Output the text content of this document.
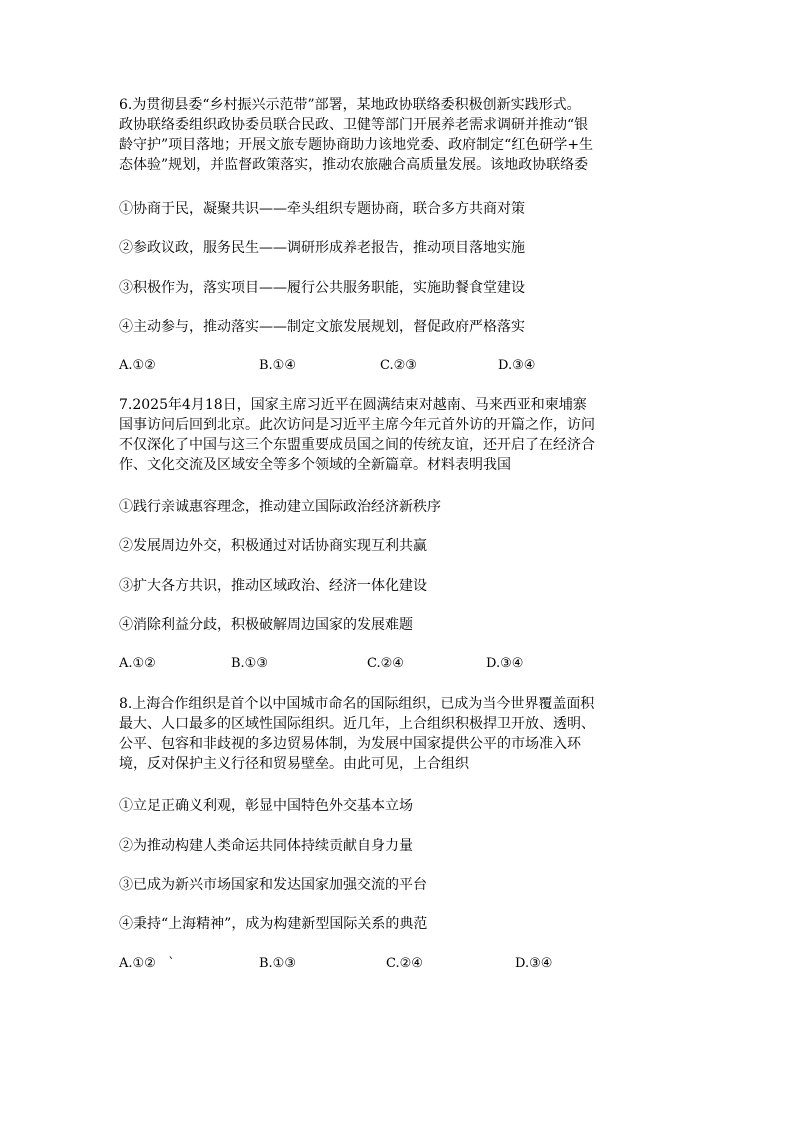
6.为贯彻县委“乡村振兴示范带”部署，某地政协联络委积极创新实践形式。
政协联络委组织政协委员联合民政、卫健等部门开展养老需求调研并推动“银
龄守护”项目落地；开展文旅专题协商助力该地党委、政府制定“红色研学+生
态体验”规划，并监督政策落实，推动农旅融合高质量发展。该地政协联络委

①协商于民，凝聚共识——牵头组织专题协商，联合多方共商对策

②参政议政，服务民生——调研形成养老报告，推动项目落地实施

③积极作为，落实项目——履行公共服务职能，实施助餐食堂建设

④主动参与，推动落实——制定文旅发展规划，督促政府严格落实

A.①②	B.①④	C.②③	D.③④
7.2025年4月18日，国家主席习近平在圆满结束对越南、马来西亚和柬埔寨
国事访问后回到北京。此次访问是习近平主席今年元首外访的开篇之作，访问
不仅深化了中国与这三个东盟重要成员国之间的传统友谊，还开启了在经济合
作、文化交流及区域安全等多个领域的全新篇章。材料表明我国

①践行亲诚惠容理念，推动建立国际政治经济新秩序

②发展周边外交，积极通过对话协商实现互利共赢

③扩大各方共识，推动区域政治、经济一体化建设

④消除利益分歧，积极破解周边国家的发展难题

A.①②	B.①③	C.②④	D.③④
8.上海合作组织是首个以中国城市命名的国际组织，已成为当今世界覆盖面积
最大、人口最多的区域性国际组织。近几年，上合组织积极捍卫开放、透明、
公平、包容和非歧视的多边贸易体制，为发展中国家提供公平的市场准入环
境，反对保护主义行径和贸易壁垒。由此可见，上合组织

①立足正确义利观，彰显中国特色外交基本立场

②为推动构建人类命运共同体持续贡献自身力量

③已成为新兴市场国家和发达国家加强交流的平台

④秉持“上海精神”，成为构建新型国际关系的典范

A.①②   `	B.①③	C.②④	D.③④
